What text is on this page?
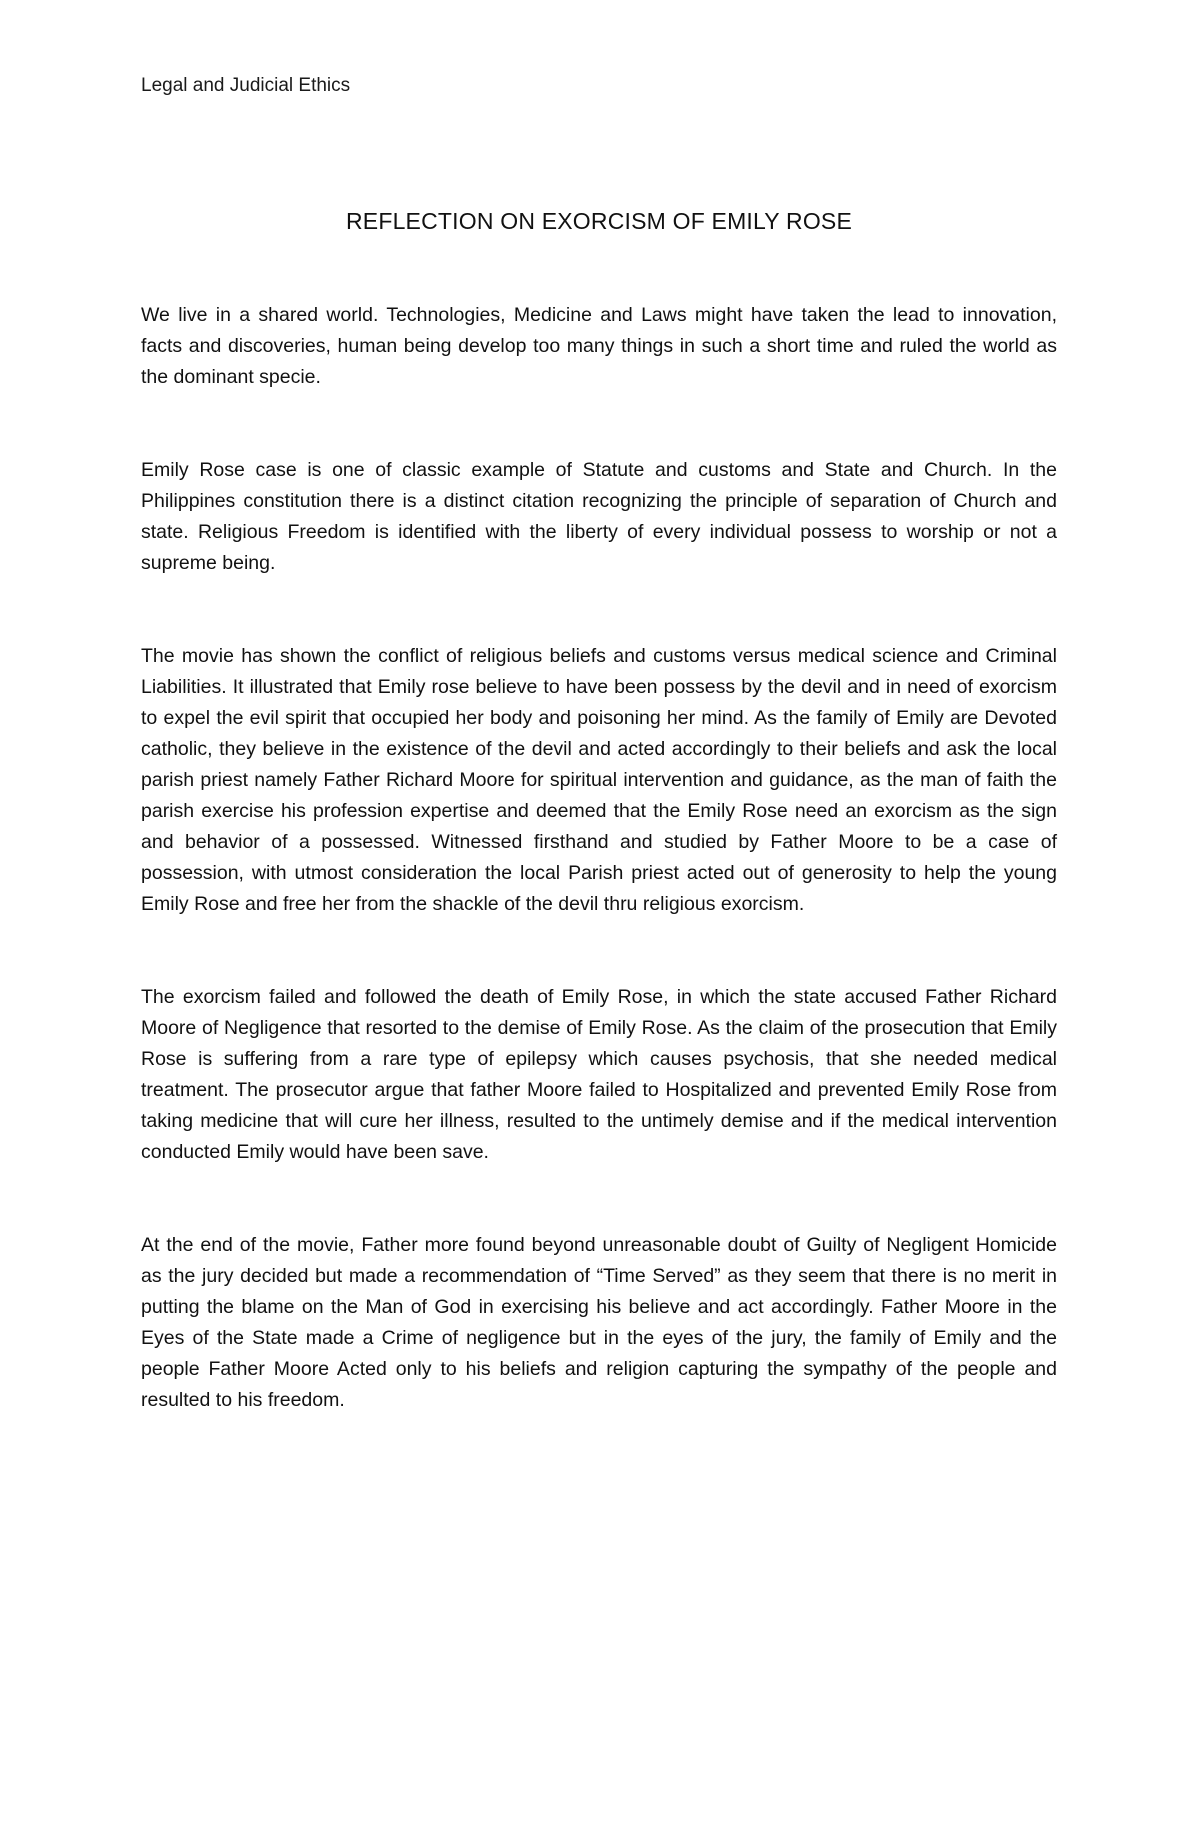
Legal and Judicial Ethics
REFLECTION ON EXORCISM OF EMILY ROSE

We live in a shared world. Technologies, Medicine and Laws might have taken the lead to innovation, facts and discoveries, human being develop too many things in such a short time and ruled the world as the dominant specie.

Emily Rose case is one of classic example of Statute and customs and State and Church. In the Philippines constitution there is a distinct citation recognizing the principle of separation of Church and state. Religious Freedom is identified with the liberty of every individual possess to worship or not a supreme being.

The movie has shown the conflict of religious beliefs and customs versus medical science and Criminal Liabilities. It illustrated that Emily rose believe to have been possess by the devil and in need of exorcism to expel the evil spirit that occupied her body and poisoning her mind. As the family of Emily are Devoted catholic, they believe in the existence of the devil and acted accordingly to their beliefs and ask the local parish priest namely Father Richard Moore for spiritual intervention and guidance, as the man of faith the parish exercise his profession expertise and deemed that the Emily Rose need an exorcism as the sign and behavior of a possessed. Witnessed firsthand and studied by Father Moore to be a case of possession, with utmost consideration the local Parish priest acted out of generosity to help the young Emily Rose and free her from the shackle of the devil thru religious exorcism.

The exorcism failed and followed the death of Emily Rose, in which the state accused Father Richard Moore of Negligence that resorted to the demise of Emily Rose. As the claim of the prosecution that Emily Rose is suffering from a rare type of epilepsy which causes psychosis, that she needed medical treatment. The prosecutor argue that father Moore failed to Hospitalized and prevented Emily Rose from taking medicine that will cure her illness, resulted to the untimely demise and if the medical intervention conducted Emily would have been save.

At the end of the movie, Father more found beyond unreasonable doubt of Guilty of Negligent Homicide as the jury decided but made a recommendation of “Time Served” as they seem that there is no merit in putting the blame on the Man of God in exercising his believe and act accordingly. Father Moore in the Eyes of the State made a Crime of negligence but in the eyes of the jury, the family of Emily and the people Father Moore Acted only to his beliefs and religion capturing the sympathy of the people and resulted to his freedom.
